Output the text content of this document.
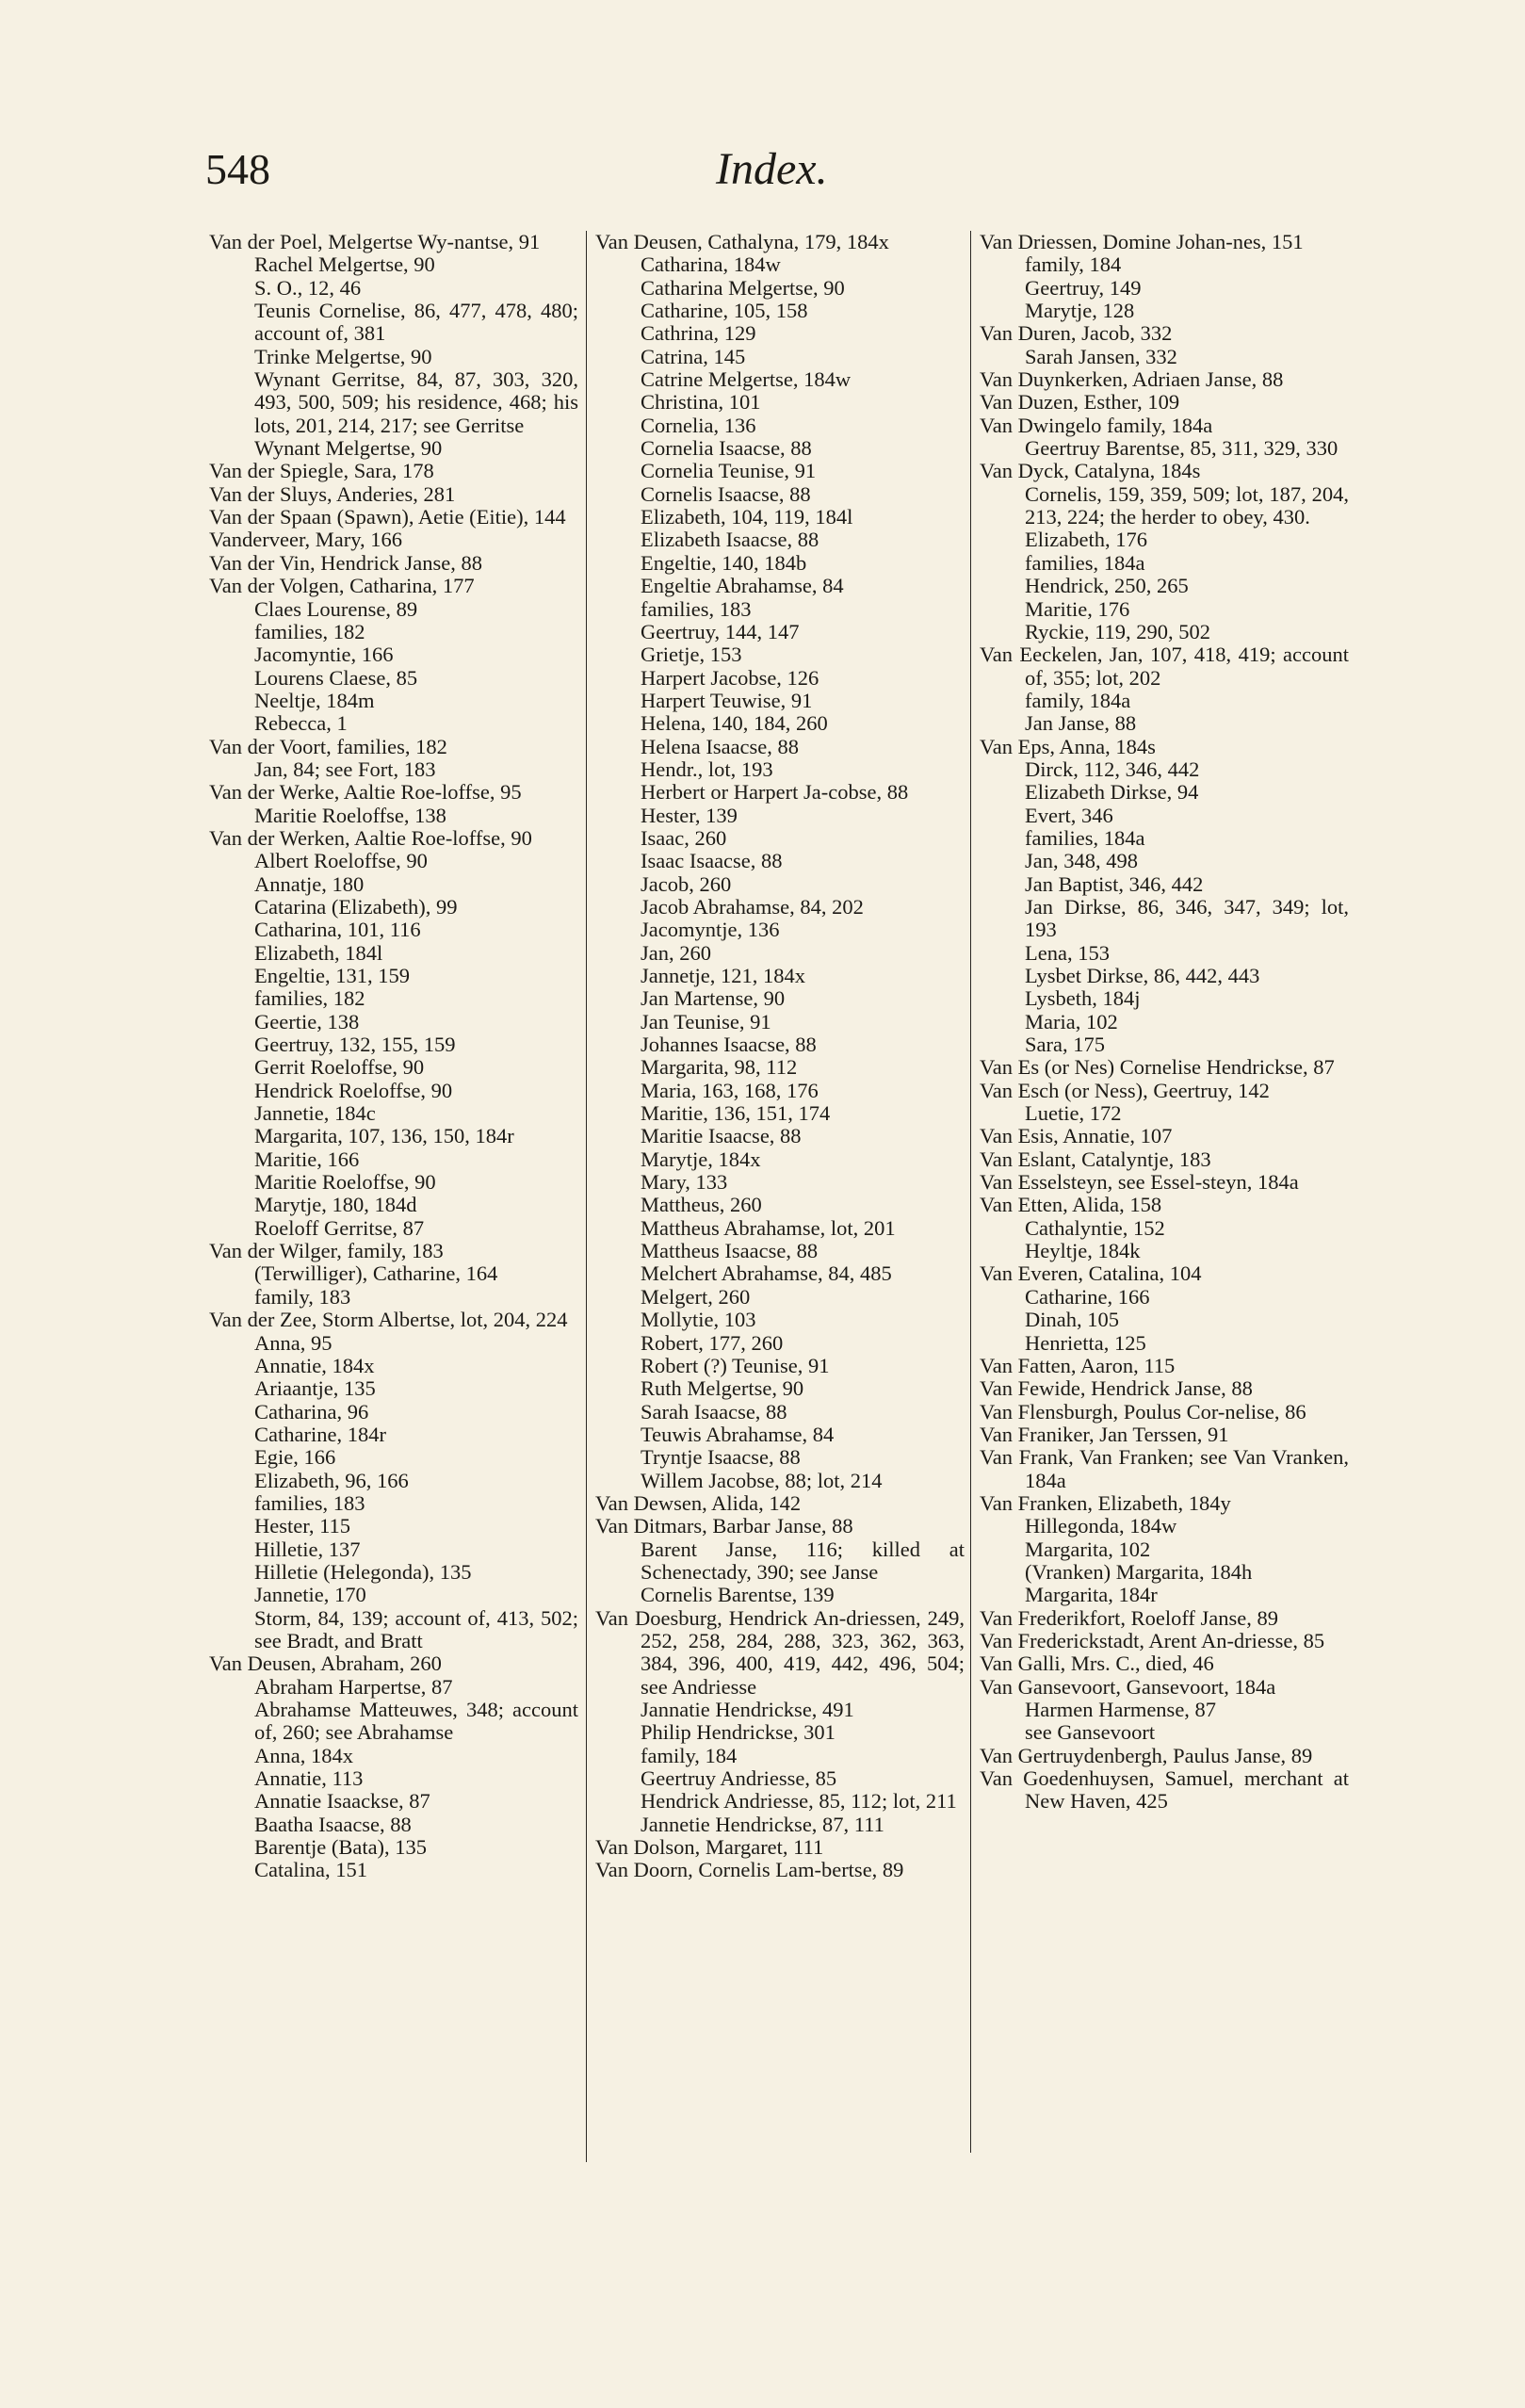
548	Index.
Van der Poel, Melgertse Wy-nantse, 91
Rachel Melgertse, 90
S. O., 12, 46
Teunis Cornelise, 86, 477, 478, 480; account of, 381
Trinke Melgertse, 90
Wynant Gerritse, 84, 87, 303, 320, 493, 500, 509; his residence, 468; his lots, 201, 214, 217; see Gerritse
Wynant Melgertse, 90
Van der Spiegle, Sara, 178
Van der Sluys, Anderies, 281
Van der Spaan (Spawn), Aetie (Eitie), 144
Vanderveer, Mary, 166
Van der Vin, Hendrick Janse, 88
Van der Volgen, Catharina, 177
Claes Lourense, 89
families, 182
Jacomyntie, 166
Lourens Claese, 85
Neeltje, 184m
Rebecca, 1
Van der Voort, families, 182
Jan, 84; see Fort, 183
Van der Werke, Aaltie Roe-loffse, 95
Maritie Roeloffse, 138
Van der Werken, Aaltie Roe-loffse, 90
Albert Roeloffse, 90
Annatje, 180
Catarina (Elizabeth), 99
Catharina, 101, 116
Elizabeth, 184l
Engeltie, 131, 159
families, 182
Geertie, 138
Geertruy, 132, 155, 159
Gerrit Roeloffse, 90
Hendrick Roeloffse, 90
Jannetie, 184c
Margarita, 107, 136, 150, 184r
Maritie, 166
Maritie Roeloffse, 90
Marytje, 180, 184d
Roeloff Gerritse, 87
Van der Wilger, family, 183
(Terwilliger), Catharine, 164
family, 183
Van der Zee, Storm Albertse, lot, 204, 224
Anna, 95
Annatie, 184x
Ariaantje, 135
Catharina, 96
Catharine, 184r
Egie, 166
Elizabeth, 96, 166
families, 183
Hester, 115
Hilletie, 137
Hilletie (Helegonda), 135
Jannetie, 170
Storm, 84, 139; account of, 413, 502; see Bradt, and Bratt
Van Deusen, Abraham, 260
Abraham Harpertse, 87
Abrahamse Matteuwes, 348; account of, 260; see Abrahamse
Anna, 184x
Annatie, 113
Annatie Isaackse, 87
Baatha Isaacse, 88
Barentje (Bata), 135
Catalina, 151
Van Deusen, Cathalyna, 179, 184x
Catharina, 184w
Catharina Melgertse, 90
Catharine, 105, 158
Cathrina, 129
Catrina, 145
Catrine Melgertse, 184w
Christina, 101
Cornelia, 136
Cornelia Isaacse, 88
Cornelia Teunise, 91
Cornelis Isaacse, 88
Elizabeth, 104, 119, 184l
Elizabeth Isaacse, 88
Engeltie, 140, 184b
Engeltie Abrahamse, 84
families, 183
Geertruy, 144, 147
Grietje, 153
Harpert Jacobse, 126
Harpert Teuwise, 91
Helena, 140, 184, 260
Helena Isaacse, 88
Hendr., lot, 193
Herbert or Harpert Ja-cobse, 88
Hester, 139
Isaac, 260
Isaac Isaacse, 88
Jacob, 260
Jacob Abrahamse, 84, 202
Jacomyntje, 136
Jan, 260
Jannetje, 121, 184x
Jan Martense, 90
Jan Teunise, 91
Johannes Isaacse, 88
Margarita, 98, 112
Maria, 163, 168, 176
Maritie, 136, 151, 174
Maritie Isaacse, 88
Marytje, 184x
Mary, 133
Mattheus, 260
Mattheus Abrahamse, lot, 201
Mattheus Isaacse, 88
Melchert Abrahamse, 84, 485
Melgert, 260
Mollytie, 103
Robert, 177, 260
Robert (?) Teunise, 91
Ruth Melgertse, 90
Sarah Isaacse, 88
Teuwis Abrahamse, 84
Tryntje Isaacse, 88
Willem Jacobse, 88; lot, 214
Van Dewsen, Alida, 142
Van Ditmars, Barbar Janse, 88
Barent Janse, 116; killed at Schenectady, 390; see Janse
Cornelis Barentse, 139
Van Doesburg, Hendrick An-driessen, 249, 252, 258, 284, 288, 323, 362, 363, 384, 396, 400, 419, 442, 496, 504; see Andriesse
Jannatie Hendrickse, 491
Philip Hendrickse, 301
family, 184
Geertruy Andriesse, 85
Hendrick Andriesse, 85, 112; lot, 211
Jannetie Hendrickse, 87, 111
Van Dolson, Margaret, 111
Van Doorn, Cornelis Lam-bertse, 89
Van Driessen, Domine Johan-nes, 151
family, 184
Geertruy, 149
Marytje, 128
Van Duren, Jacob, 332
Sarah Jansen, 332
Van Duynkerken, Adriaen Janse, 88
Van Duzen, Esther, 109
Van Dwingelo family, 184a
Geertruy Barentse, 85, 311, 329, 330
Van Dyck, Catalyna, 184s
Cornelis, 159, 359, 509; lot, 187, 204, 213, 224; the herder to obey, 430.
Elizabeth, 176
families, 184a
Hendrick, 250, 265
Maritie, 176
Ryckie, 119, 290, 502
Van Eeckelen, Jan, 107, 418, 419; account of, 355; lot, 202
family, 184a
Jan Janse, 88
Van Eps, Anna, 184s
Dirck, 112, 346, 442
Elizabeth Dirkse, 94
Evert, 346
families, 184a
Jan, 348, 498
Jan Baptist, 346, 442
Jan Dirkse, 86, 346, 347, 349; lot, 193
Lena, 153
Lysbet Dirkse, 86, 442, 443
Lysbeth, 184j
Maria, 102
Sara, 175
Van Es (or Nes) Cornelise Hendrickse, 87
Van Esch (or Ness), Geertruy, 142
Luetie, 172
Van Esis, Annatie, 107
Van Eslant, Catalyntje, 183
Van Esselsteyn, see Essel-steyn, 184a
Van Etten, Alida, 158
Cathalyntie, 152
Heyltje, 184k
Van Everen, Catalina, 104
Catharine, 166
Dinah, 105
Henrietta, 125
Van Fatten, Aaron, 115
Van Fewide, Hendrick Janse, 88
Van Flensburgh, Poulus Cor-nelise, 86
Van Franiker, Jan Terssen, 91
Van Frank, Van Franken; see Van Vranken, 184a
Van Franken, Elizabeth, 184y
Hillegonda, 184w
Margarita, 102
(Vranken) Margarita, 184h
Margarita, 184r
Van Frederikfort, Roeloff Janse, 89
Van Frederickstadt, Arent An-driesse, 85
Van Galli, Mrs. C., died, 46
Van Gansevoort, Gansevoort, 184a
Harmen Harmense, 87
see Gansevoort
Van Gertruydenbergh, Paulus Janse, 89
Van Goedenhuysen, Samuel, merchant at New Haven, 425
